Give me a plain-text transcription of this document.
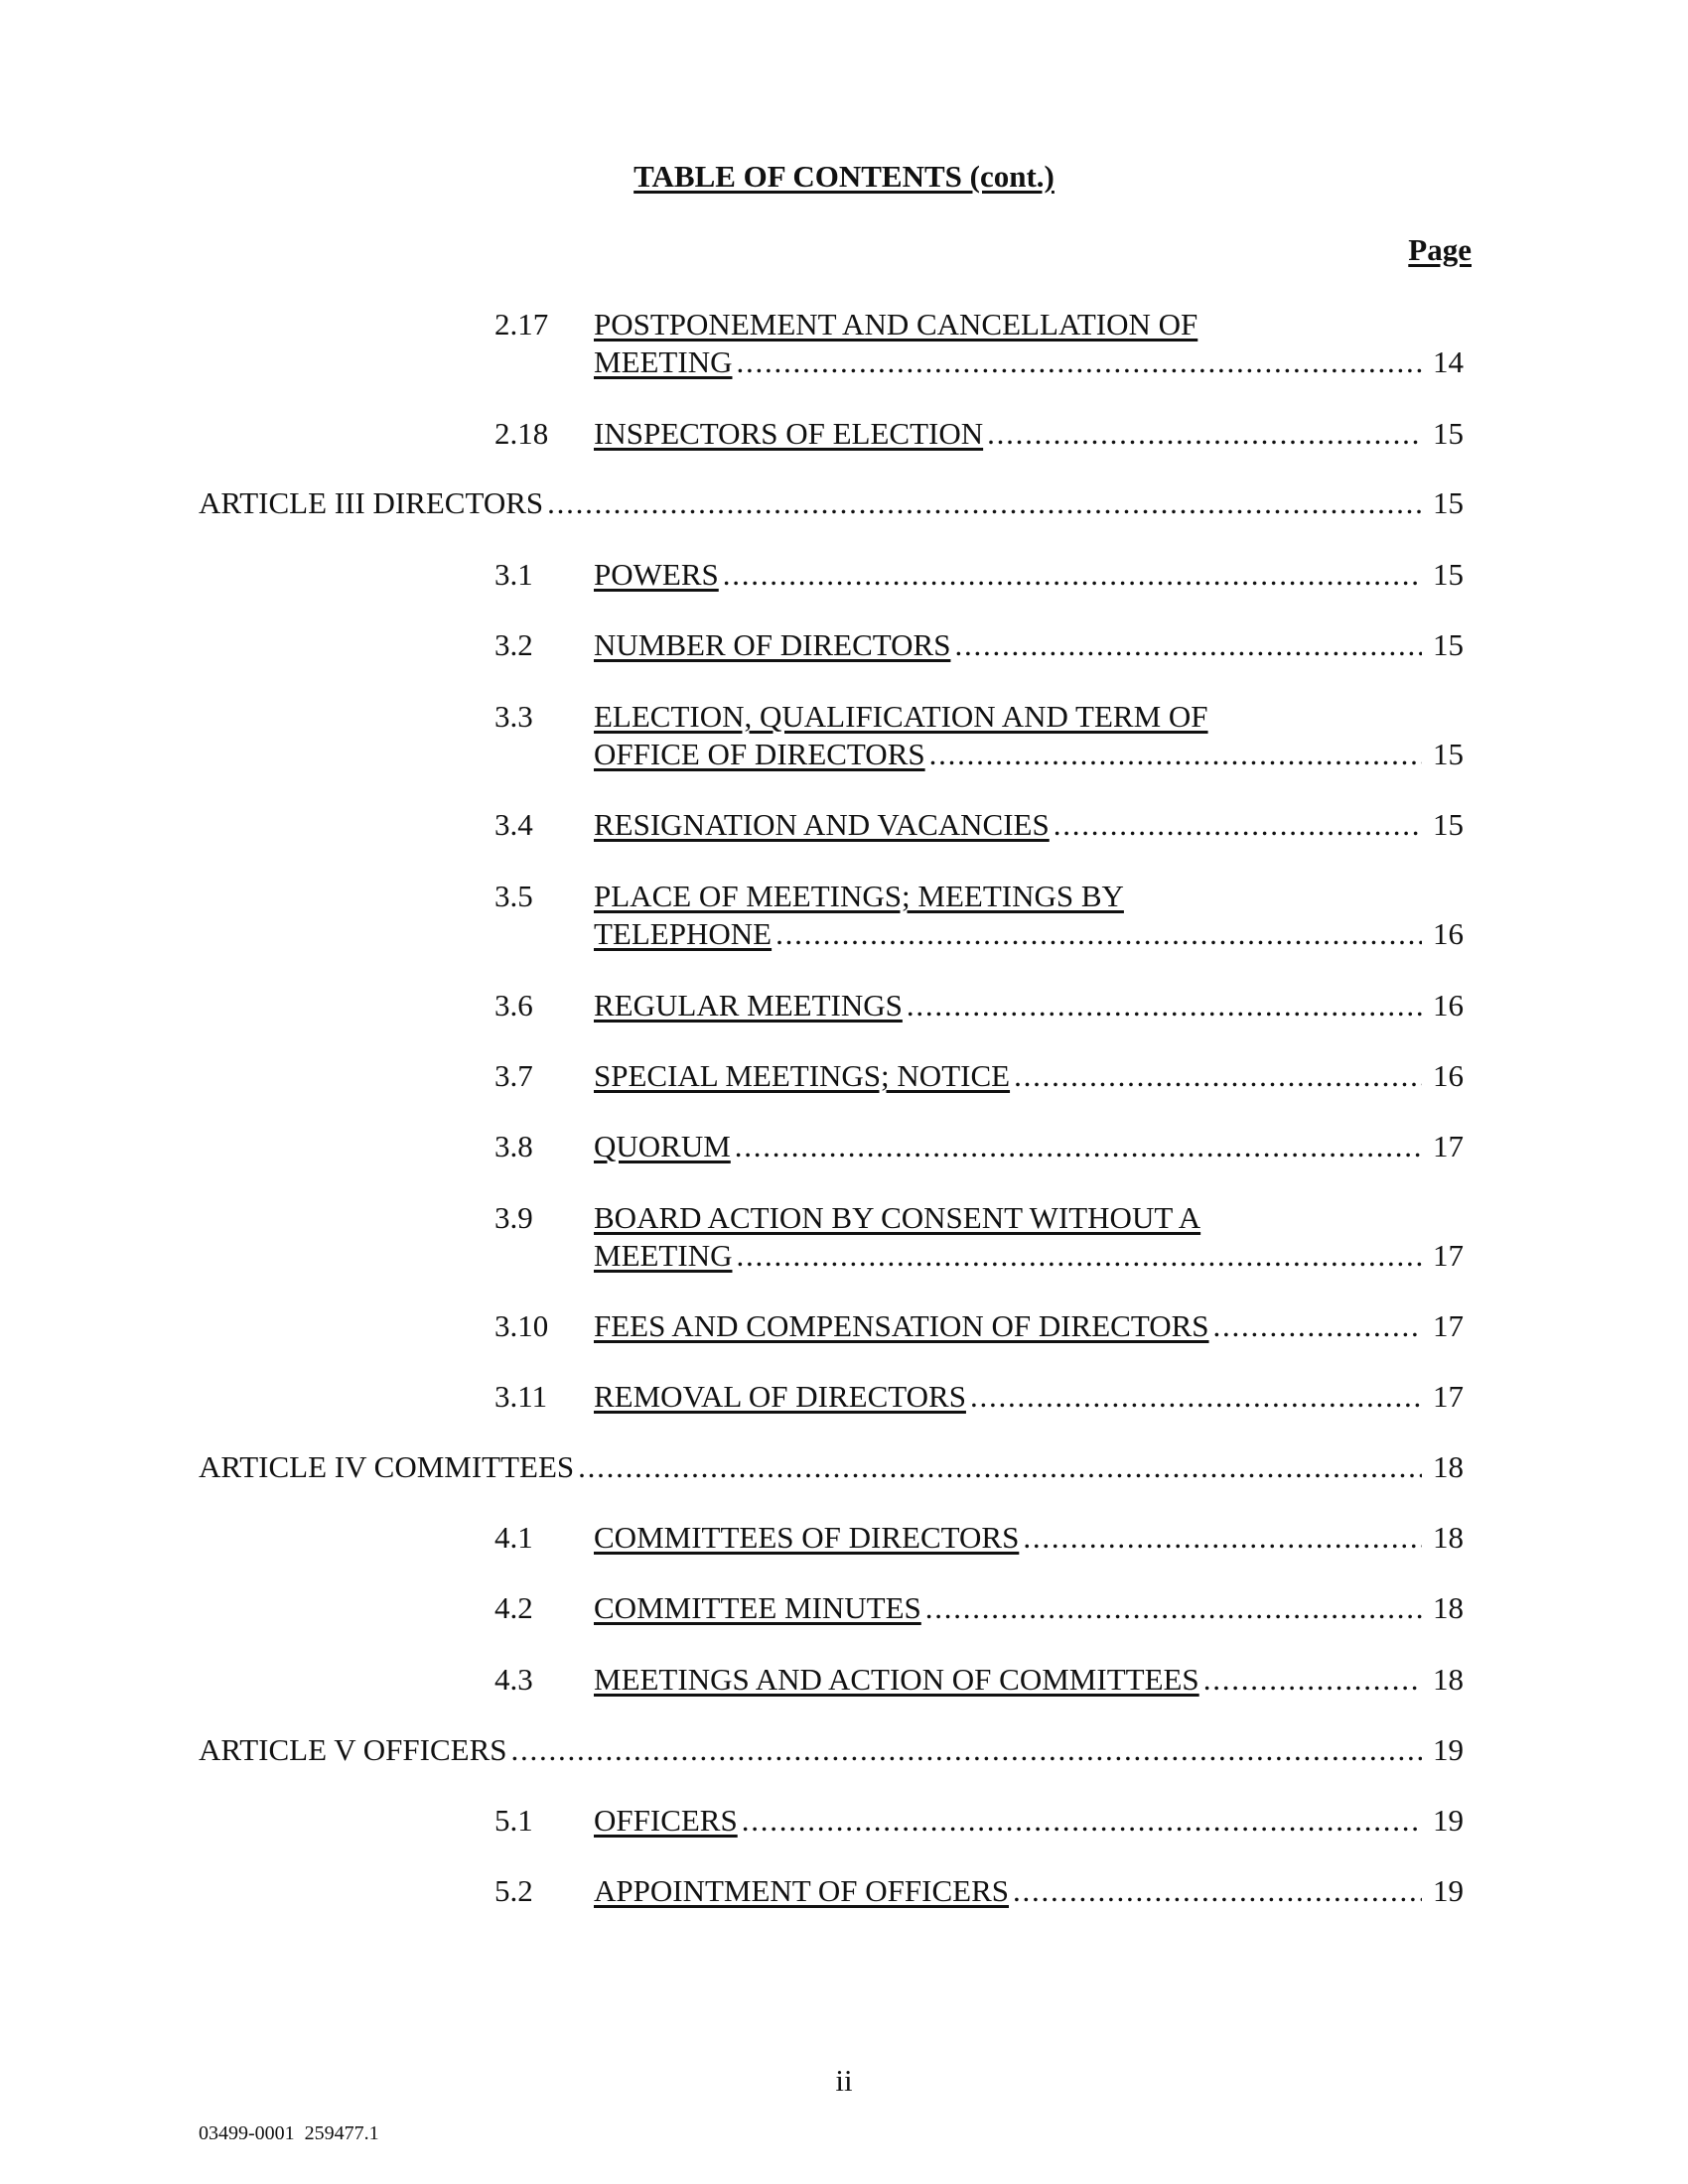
TABLE OF CONTENTS (cont.)
Page
2.17	POSTPONEMENT AND CANCELLATION OF
MEETING . . .	14
2.18	INSPECTORS OF ELECTION . . .	15
ARTICLE III DIRECTORS . . .	15
3.1	POWERS . . .	15
3.2	NUMBER OF DIRECTORS . . .	15
3.3	ELECTION, QUALIFICATION AND TERM OF
OFFICE OF DIRECTORS . . .	15
3.4	RESIGNATION AND VACANCIES . . .	15
3.5	PLACE OF MEETINGS; MEETINGS BY
TELEPHONE . . .	16
3.6	REGULAR MEETINGS . . .	16
3.7	SPECIAL MEETINGS; NOTICE . . .	16
3.8	QUORUM . . .	17
3.9	BOARD ACTION BY CONSENT WITHOUT A
MEETING . . .	17
3.10	FEES AND COMPENSATION OF DIRECTORS . . .	17
3.11	REMOVAL OF DIRECTORS . . .	17
ARTICLE IV COMMITTEES . . .	18
4.1	COMMITTEES OF DIRECTORS . . .	18
4.2	COMMITTEE MINUTES . . .	18
4.3	MEETINGS AND ACTION OF COMMITTEES . . .	18
ARTICLE V OFFICERS . . .	19
5.1	OFFICERS . . .	19
5.2	APPOINTMENT OF OFFICERS . . .	19
ii
03499-0001  259477.1
